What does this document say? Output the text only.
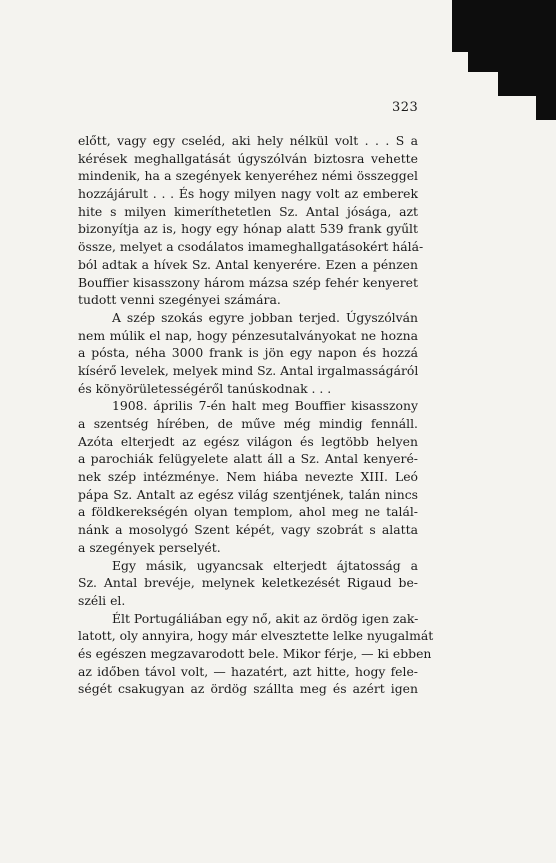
323
előtt, vagy egy cseléd, aki hely nélkül volt . . . S a
kérések meghallgatását úgyszólván biztosra vehette
mindenik, ha a szegények kenyeréhez némi összeggel
hozzájárult . . . És hogy milyen nagy volt az emberek
hite s milyen kimeríthetetlen Sz. Antal jósága, azt
bizonyítja az is, hogy egy hónap alatt 539 frank gyűlt
össze, melyet a csodálatos imameghallgatásokért hálá-
ból adtak a hívek Sz. Antal kenyerére. Ezen a pénzen
Bouffier kisasszony három mázsa szép fehér kenyeret
tudott venni szegényei számára.
A szép szokás egyre jobban terjed. Úgyszólván
nem múlik el nap, hogy pénzesutalványokat ne hozna
a pósta, néha 3000 frank is jön egy napon és hozzá
kísérő levelek, melyek mind Sz. Antal irgalmasságáról
és könyörületességéről tanúskodnak . . .
1908. április 7-én halt meg Bouffier kisasszony
a szentség hírében, de műve még mindig fennáll.
Azóta elterjedt az egész világon és legtöbb helyen
a parochiák felügyelete alatt áll a Sz. Antal kenyeré-
nek szép intézménye. Nem hiába nevezte XIII. Leó
pápa Sz. Antalt az egész világ szentjének, talán nincs
a földkerekségén olyan templom, ahol meg ne talál-
nánk a mosolygó Szent képét, vagy szobrát s alatta
a szegények perselyét.
Egy másik, ugyancsak elterjedt ájtatosság a
Sz. Antal brevéje, melynek keletkezését Rigaud be-
széli el.
Élt Portugáliában egy nő, akit az ördög igen zak-
latott, oly annyira, hogy már elvesztette lelke nyugalmát
és egészen megzavarodott bele. Mikor férje, — ki ebben
az időben távol volt, — hazatért, azt hitte, hogy fele-
ségét csakugyan az ördög szállta meg és azért igen
